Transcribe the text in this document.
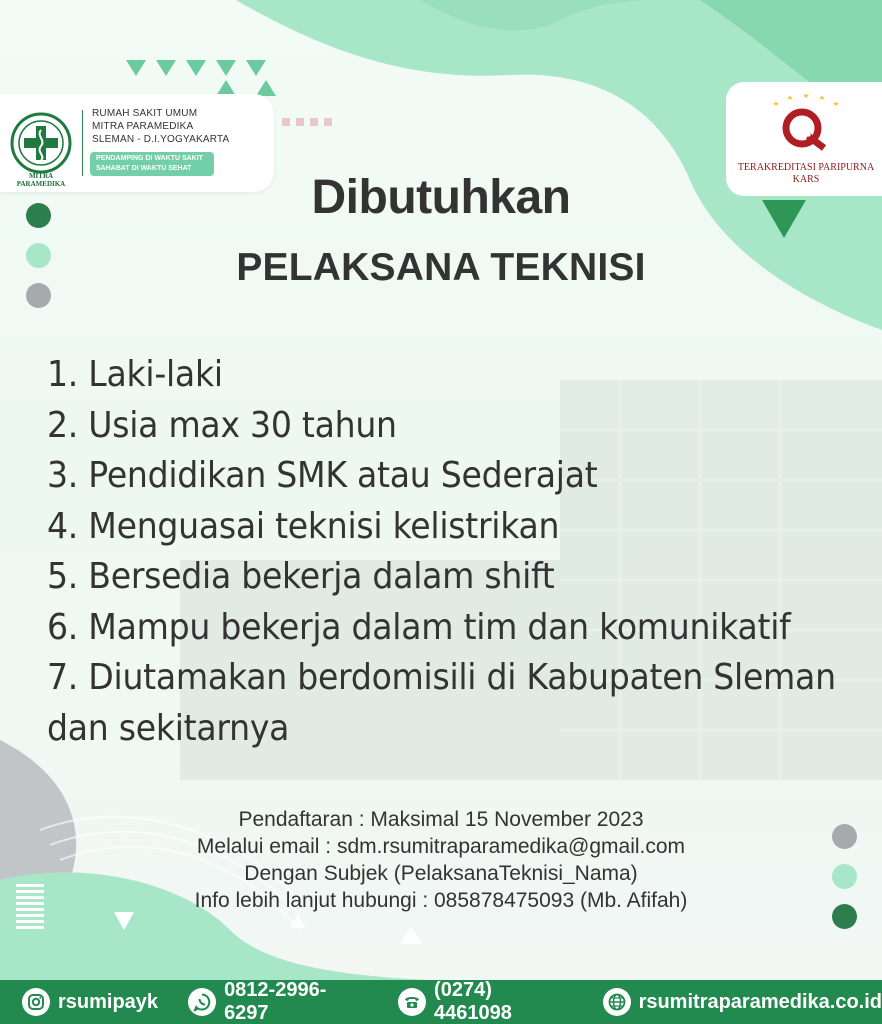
MITRA PARAMEDIKA
RUMAH SAKIT UMUM
MITRA PARAMEDIKA
SLEMAN - D.I.YOGYAKARTA
PENDAMPING DI WAKTU SAKIT
SAHABAT DI WAKTU SEHAT	TERAKREDITASI PARIPURNA
KARS
Dibutuhkan
PELAKSANA TEKNISI
1. Laki-laki
2. Usia max 30 tahun
3. Pendidikan SMK atau Sederajat
4. Menguasai teknisi kelistrikan
5. Bersedia bekerja dalam shift
6. Mampu bekerja dalam tim dan komunikatif
7. Diutamakan berdomisili di Kabupaten Sleman
dan sekitarnya
Pendaftaran : Maksimal 15 November 2023
Melalui email : sdm.rsumitraparamedika@gmail.com
Dengan Subjek (PelaksanaTeknisi_Nama)
Info lebih lanjut hubungi : 085878475093 (Mb. Afifah)
rsumipayk
0812-2996-6297
(0274) 4461098
rsumitraparamedika.co.id
